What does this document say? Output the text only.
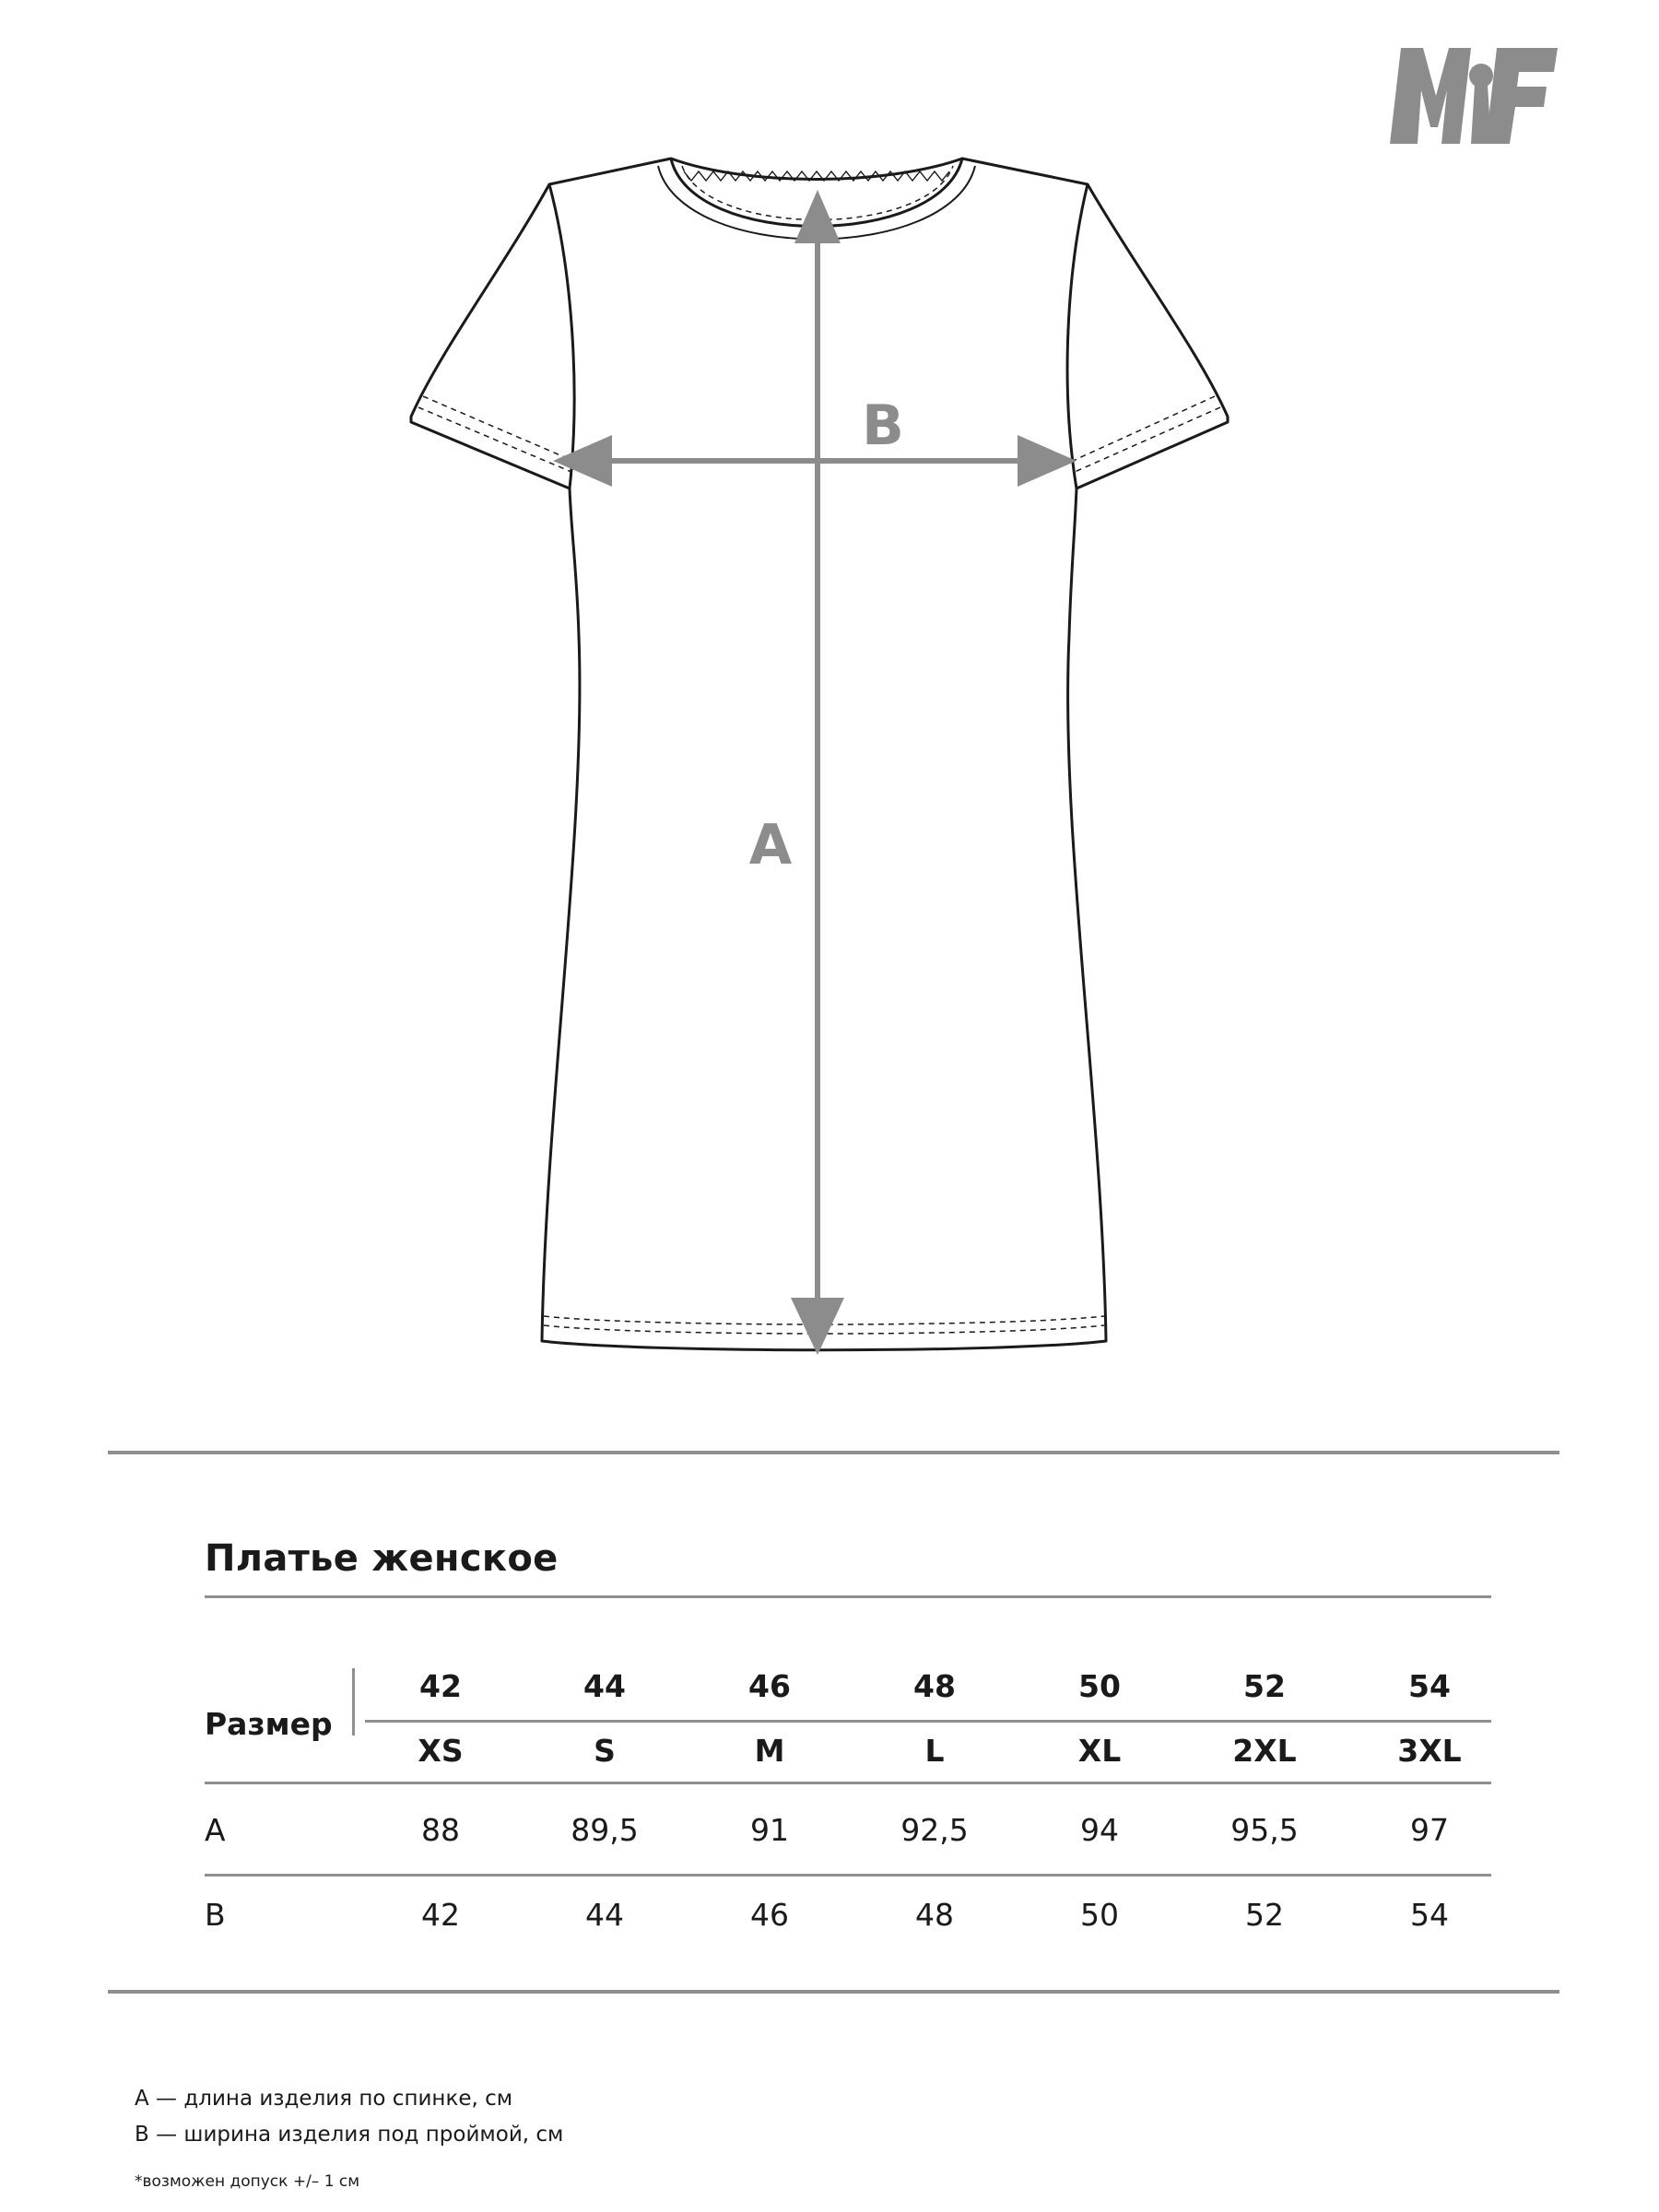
B
A
Платье женское
Размер
42	44	46	48	50	52	54
XS	S	M	L	XL	2XL	3XL
A	88	89,5	91	92,5	94	95,5	97
B	42	44	46	48	50	52	54
A — длина изделия по спинке, см
B — ширина изделия под проймой, см
*возможен допуск +/– 1 см
